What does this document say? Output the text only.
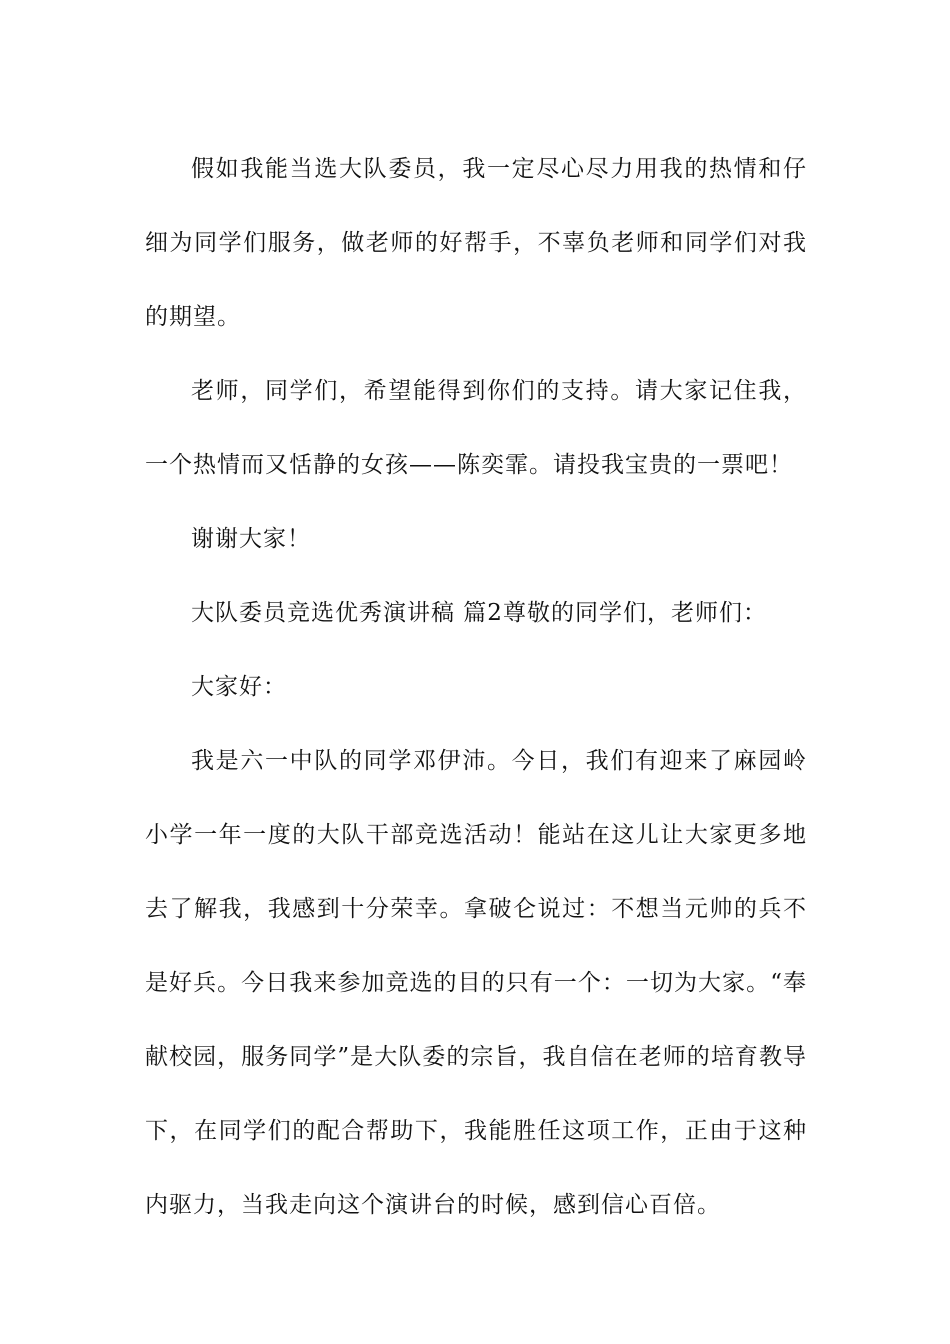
假如我能当选大队委员，我一定尽心尽力用我的热情和仔细为同学们服务，做老师的好帮手，不辜负老师和同学们对我的期望。

老师，同学们，希望能得到你们的支持。请大家记住我，一个热情而又恬静的女孩——陈奕霏。请投我宝贵的一票吧！

谢谢大家！

大队委员竞选优秀演讲稿 篇2尊敬的同学们，老师们：

大家好：

我是六一中队的同学邓伊沛。今日，我们有迎来了麻园岭小学一年一度的大队干部竞选活动！能站在这儿让大家更多地去了解我，我感到十分荣幸。拿破仑说过：不想当元帅的兵不是好兵。今日我来参加竞选的目的只有一个：一切为大家。“奉献校园，服务同学”是大队委的宗旨，我自信在老师的培育教导下，在同学们的配合帮助下，我能胜任这项工作，正由于这种内驱力，当我走向这个演讲台的时候，感到信心百倍。
